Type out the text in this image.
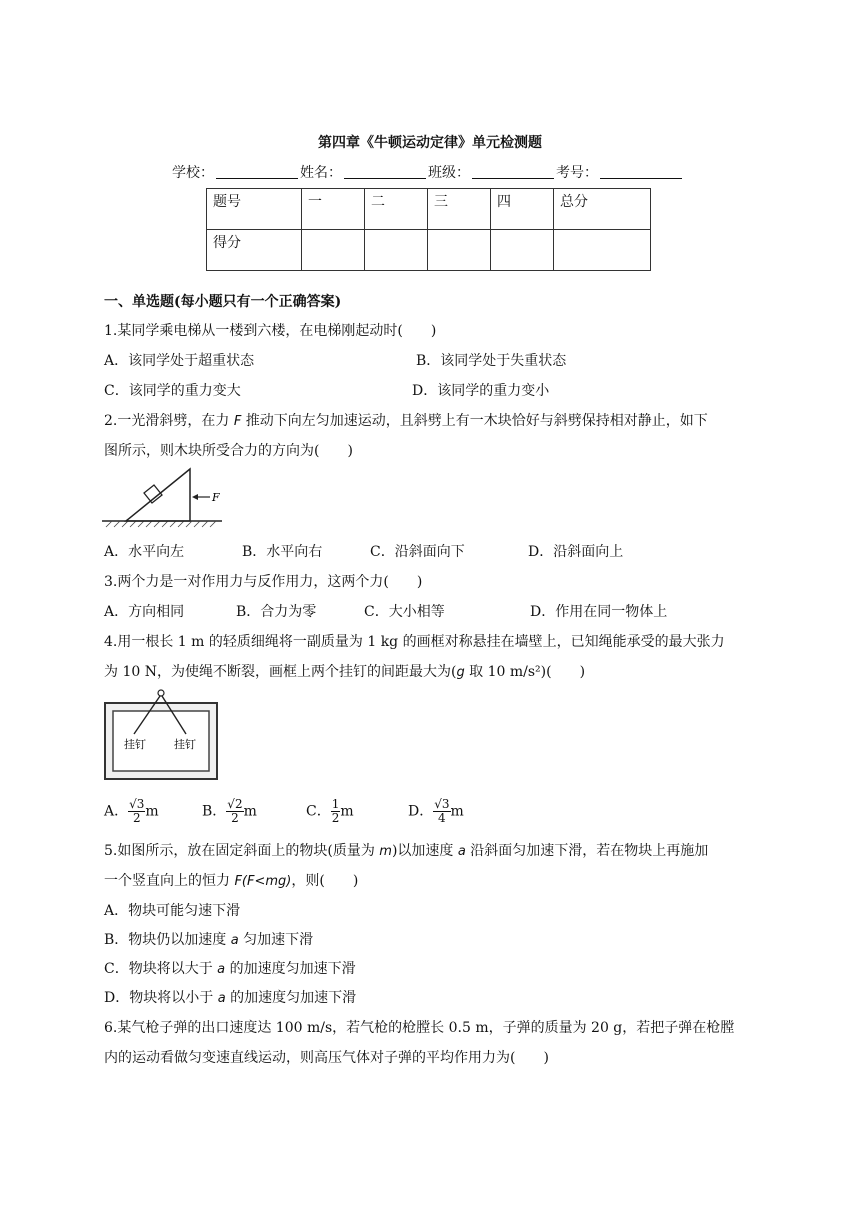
第四章《牛顿运动定律》单元检测题
学校：	姓名：	班级：	考号：
题号	一	二	三	四	总分
得分					
一、单选题(每小题只有一个正确答案)
1.某同学乘电梯从一楼到六楼，在电梯刚起动时(　　)
A．该同学处于超重状态	B．该同学处于失重状态
C．该同学的重力变大	D．该同学的重力变小
2.一光滑斜劈，在力 F 推动下向左匀加速运动，且斜劈上有一木块恰好与斜劈保持相对静止，如下
图所示，则木块所受合力的方向为(　　)
F
A．水平向左	B．水平向右	C．沿斜面向下	D．沿斜面向上
3.两个力是一对作用力与反作用力，这两个力(　　)
A．方向相同	B．合力为零	C．大小相等	D．作用在同一物体上
4.用一根长 1 m 的轻质细绳将一副质量为 1 kg 的画框对称悬挂在墙壁上，已知绳能承受的最大张力
为 10 N，为使绳不断裂，画框上两个挂钉的间距最大为(g 取 10 m/s²)(　　)
挂钉	挂钉
A． $\frac{√3}{2}$ m	B． $\frac{√2}{2}$ m	C． $\frac{1}{2}$ m	D． $\frac{√3}{4}$ m
5.如图所示，放在固定斜面上的物块(质量为 m)以加速度 a 沿斜面匀加速下滑，若在物块上再施加
一个竖直向上的恒力 F(F<mg)，则(　　)
A．物块可能匀速下滑
B．物块仍以加速度 a 匀加速下滑
C．物块将以大于 a 的加速度匀加速下滑
D．物块将以小于 a 的加速度匀加速下滑
6.某气枪子弹的出口速度达 100 m/s，若气枪的枪膛长 0.5 m，子弹的质量为 20 g，若把子弹在枪膛
内的运动看做匀变速直线运动，则高压气体对子弹的平均作用力为(　　)
